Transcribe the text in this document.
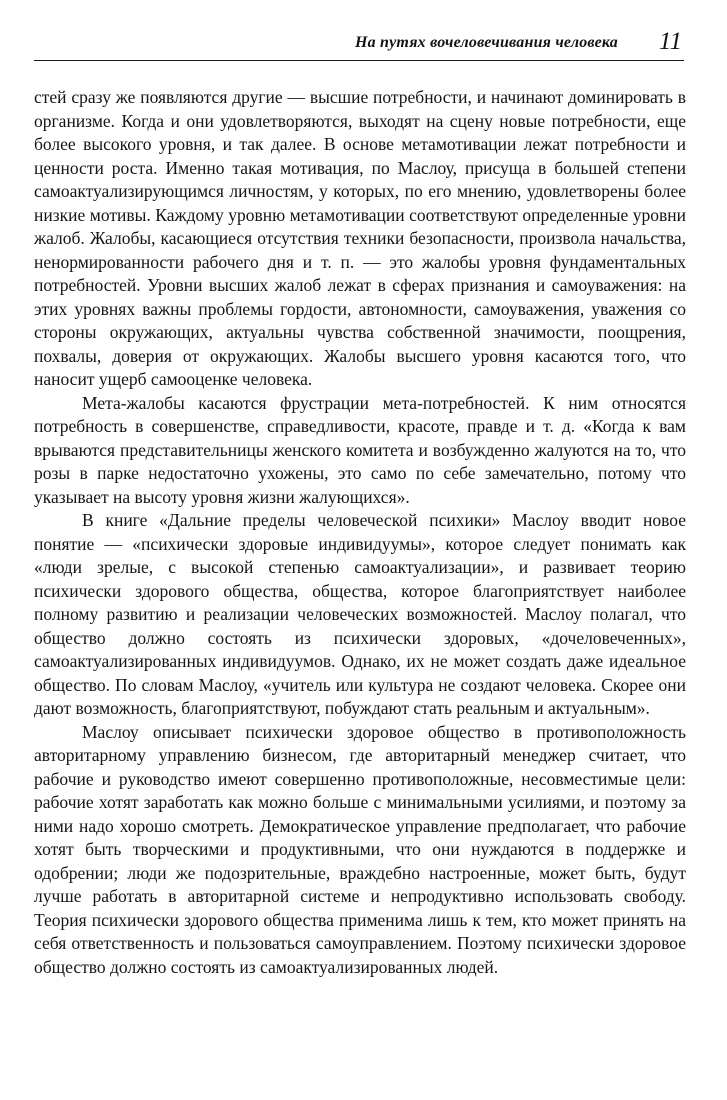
На путях вочеловечивания человека 11

стей сразу же появляются другие — высшие потребности, и начинают доминировать в организме. Когда и они удовлетворяются, выходят на сцену новые потребности, еще более высокого уровня, и так далее. В основе метамотивации лежат потребности и ценности роста. Именно такая мотивация, по Маслоу, присуща в большей степени самоактуализирующимся личностям, у которых, по его мнению, удовлетворены более низкие мотивы. Каждому уровню метамотивации соответствуют определенные уровни жалоб. Жалобы, касающиеся отсутствия техники безопасности, произвола начальства, ненормированности рабочего дня и т. п. — это жалобы уровня фундаментальных потребностей. Уровни высших жалоб лежат в сферах признания и самоуважения: на этих уровнях важны проблемы гордости, автономности, самоуважения, уважения со стороны окружающих, актуальны чувства собственной значимости, поощрения, похвалы, доверия от окружающих. Жалобы высшего уровня касаются того, что наносит ущерб самооценке человека.

Мета-жалобы касаются фрустрации мета-потребностей. К ним относятся потребность в совершенстве, справедливости, красоте, правде и т. д. «Когда к вам врываются представительницы женского комитета и возбужденно жалуются на то, что розы в парке недостаточно ухожены, это само по себе замечательно, потому что указывает на высоту уровня жизни жалующихся».

В книге «Дальние пределы человеческой психики» Маслоу вводит новое понятие — «психически здоровые индивидуумы», которое следует понимать как «люди зрелые, с высокой степенью самоактуализации», и развивает теорию психически здорового общества, общества, которое благоприятствует наиболее полному развитию и реализации человеческих возможностей. Маслоу полагал, что общество должно состоять из психически здоровых, «дочеловеченных», самоактуализированных индивидуумов. Однако, их не может создать даже идеальное общество. По словам Маслоу, «учитель или культура не создают человека. Скорее они дают возможность, благоприятствуют, побуждают стать реальным и актуальным».

Маслоу описывает психически здоровое общество в противоположность авторитарному управлению бизнесом, где авторитарный менеджер считает, что рабочие и руководство имеют совершенно противоположные, несовместимые цели: рабочие хотят заработать как можно больше с минимальными усилиями, и поэтому за ними надо хорошо смотреть. Демократическое управление предполагает, что рабочие хотят быть творческими и продуктивными, что они нуждаются в поддержке и одобрении; люди же подозрительные, враждебно настроенные, может быть, будут лучше работать в авторитарной системе и непродуктивно использовать свободу. Теория психически здорового общества применима лишь к тем, кто может принять на себя ответственность и пользоваться самоуправлением. Поэтому психически здоровое общество должно состоять из самоактуализированных людей.
